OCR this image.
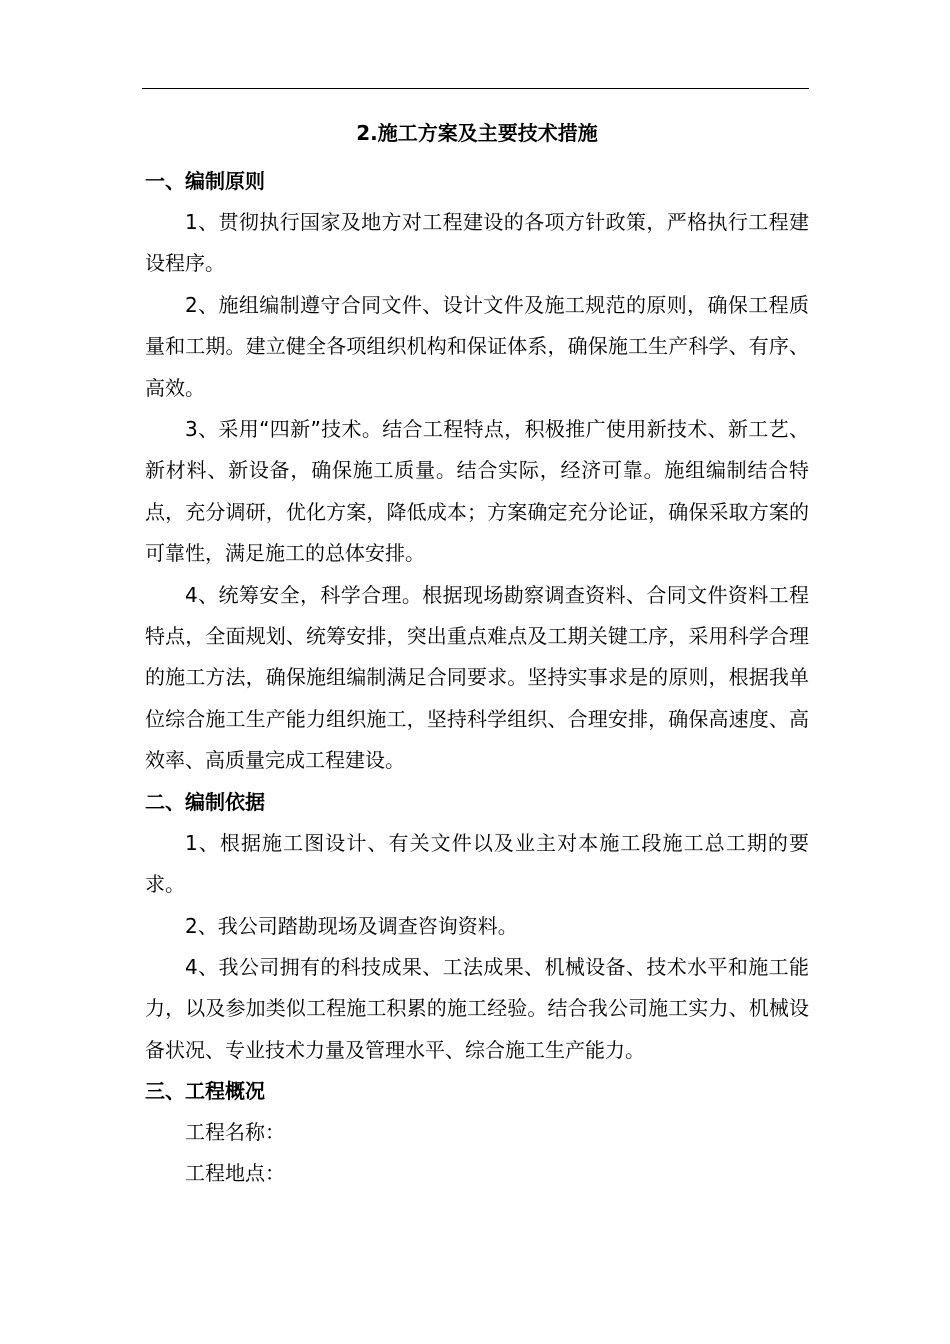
2.施工方案及主要技术措施
一、编制原则

1、贯彻执行国家及地方对工程建设的各项方针政策，严格执行工程建设程序。

2、施组编制遵守合同文件、设计文件及施工规范的原则，确保工程质量和工期。建立健全各项组织机构和保证体系，确保施工生产科学、有序、高效。

3、采用“四新”技术。结合工程特点，积极推广使用新技术、新工艺、新材料、新设备，确保施工质量。结合实际，经济可靠。施组编制结合特点，充分调研，优化方案，降低成本；方案确定充分论证，确保采取方案的可靠性，满足施工的总体安排。

4、统筹安全，科学合理。根据现场勘察调查资料、合同文件资料工程特点，全面规划、统筹安排，突出重点难点及工期关键工序，采用科学合理的施工方法，确保施组编制满足合同要求。坚持实事求是的原则，根据我单位综合施工生产能力组织施工，坚持科学组织、合理安排，确保高速度、高效率、高质量完成工程建设。

二、编制依据

1、根据施工图设计、有关文件以及业主对本施工段施工总工期的要求。

2、我公司踏勘现场及调查咨询资料。

4、我公司拥有的科技成果、工法成果、机械设备、技术水平和施工能力，以及参加类似工程施工积累的施工经验。结合我公司施工实力、机械设备状况、专业技术力量及管理水平、综合施工生产能力。

三、工程概况

工程名称：

工程地点：
